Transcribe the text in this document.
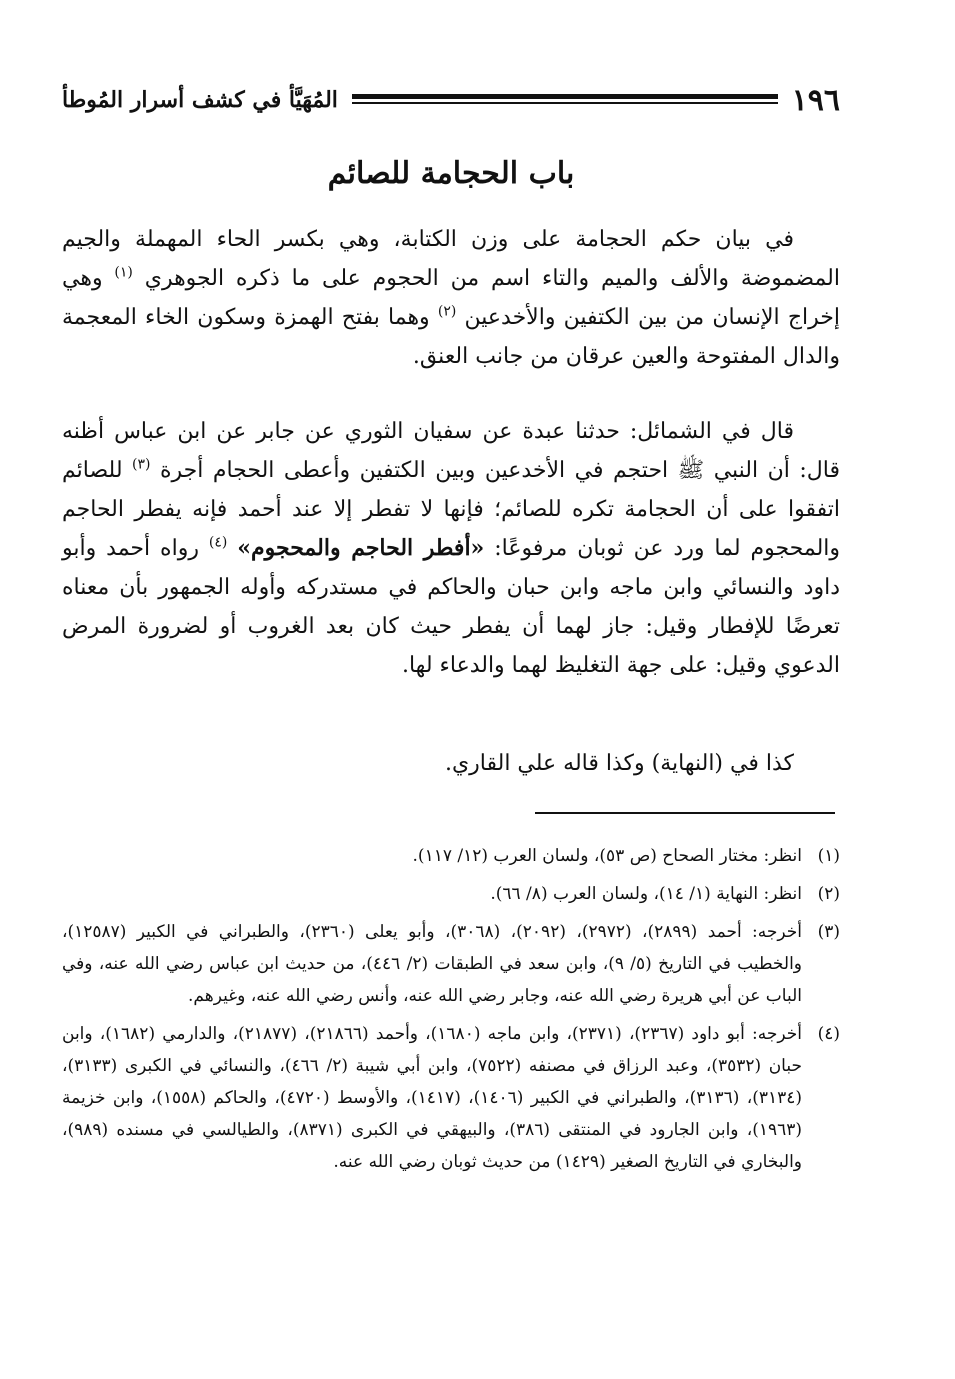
١٩٦
المُهَيَّأ في كشف أسرار المُوطأ
باب الحجامة للصائم

في بيان حكم الحجامة على وزن الكتابة، وهي بكسر الحاء المهملة والجيم المضموضة والألف والميم والتاء اسم من الحجوم على ما ذكره الجوهري $^{(١)}$ وهي إخراج الإنسان من بين الكتفين والأخدعين $^{(٢)}$ وهما بفتح الهمزة وسكون الخاء المعجمة والدال المفتوحة والعين عرقان من جانب العنق.

قال في الشمائل: حدثنا عبدة عن سفيان الثوري عن جابر عن ابن عباس أظنه قال: أن النبي ﷺ احتجم في الأخدعين وبين الكتفين وأعطى الحجام أجرة $^{(٣)}$ للصائم اتفقوا على أن الحجامة تكره للصائم؛ فإنها لا تفطر إلا عند أحمد فإنه يفطر الحاجم والمحجوم لما ورد عن ثوبان مرفوعًا: «أفطر الحاجم والمحجوم» $^{(٤)}$ رواه أحمد وأبو داود والنسائي وابن ماجه وابن حبان والحاكم في مستدركه وأوله الجمهور بأن معناه تعرضًا للإفطار وقيل: جاز لهما أن يفطر حيث كان بعد الغروب أو لضرورة المرض الدعوي وقيل: على جهة التغليظ لهما والدعاء لها.

كذا في (النهاية) وكذا قاله علي القاري.

(١)
انظر: مختار الصحاح (ص ٥٣)، ولسان العرب (١٢/ ١١٧).

(٢)
انظر: النهاية (١/ ١٤)، ولسان العرب (٨/ ٦٦).

(٣)
أخرجه: أحمد (٢٨٩٩)، (٢٩٧٢)، (٢٠٩٢)، (٣٠٦٨)، وأبو يعلى (٢٣٦٠)، والطبراني في الكبير (١٢٥٨٧)، والخطيب في التاريخ (٥/ ٩)، وابن سعد في الطبقات (٢/ ٤٤٦)، من حديث ابن عباس رضي الله عنه، وفي الباب عن أبي هريرة رضي الله عنه، وجابر رضي الله عنه، وأنس رضي الله عنه، وغيرهم.

(٤)
أخرجه: أبو داود (٢٣٦٧)، (٢٣٧١)، وابن ماجه (١٦٨٠)، وأحمد (٢١٨٦٦)، (٢١٨٧٧)، والدارمي (١٦٨٢)، وابن حبان (٣٥٣٢)، وعبد الرزاق في مصنفه (٧٥٢٢)، وابن أبي شيبة (٢/ ٤٦٦)، والنسائي في الكبرى (٣١٣٣)، (٣١٣٤)، (٣١٣٦)، والطبراني في الكبير (١٤٠٦)، (١٤١٧)، والأوسط (٤٧٢٠)، والحاكم (١٥٥٨)، وابن خزيمة (١٩٦٣)، وابن الجارود في المنتقى (٣٨٦)، والبيهقي في الكبرى (٨٣٧١)، والطيالسي في مسنده (٩٨٩)، والبخاري في التاريخ الصغير (١٤٢٩) من حديث ثوبان رضي الله عنه.
